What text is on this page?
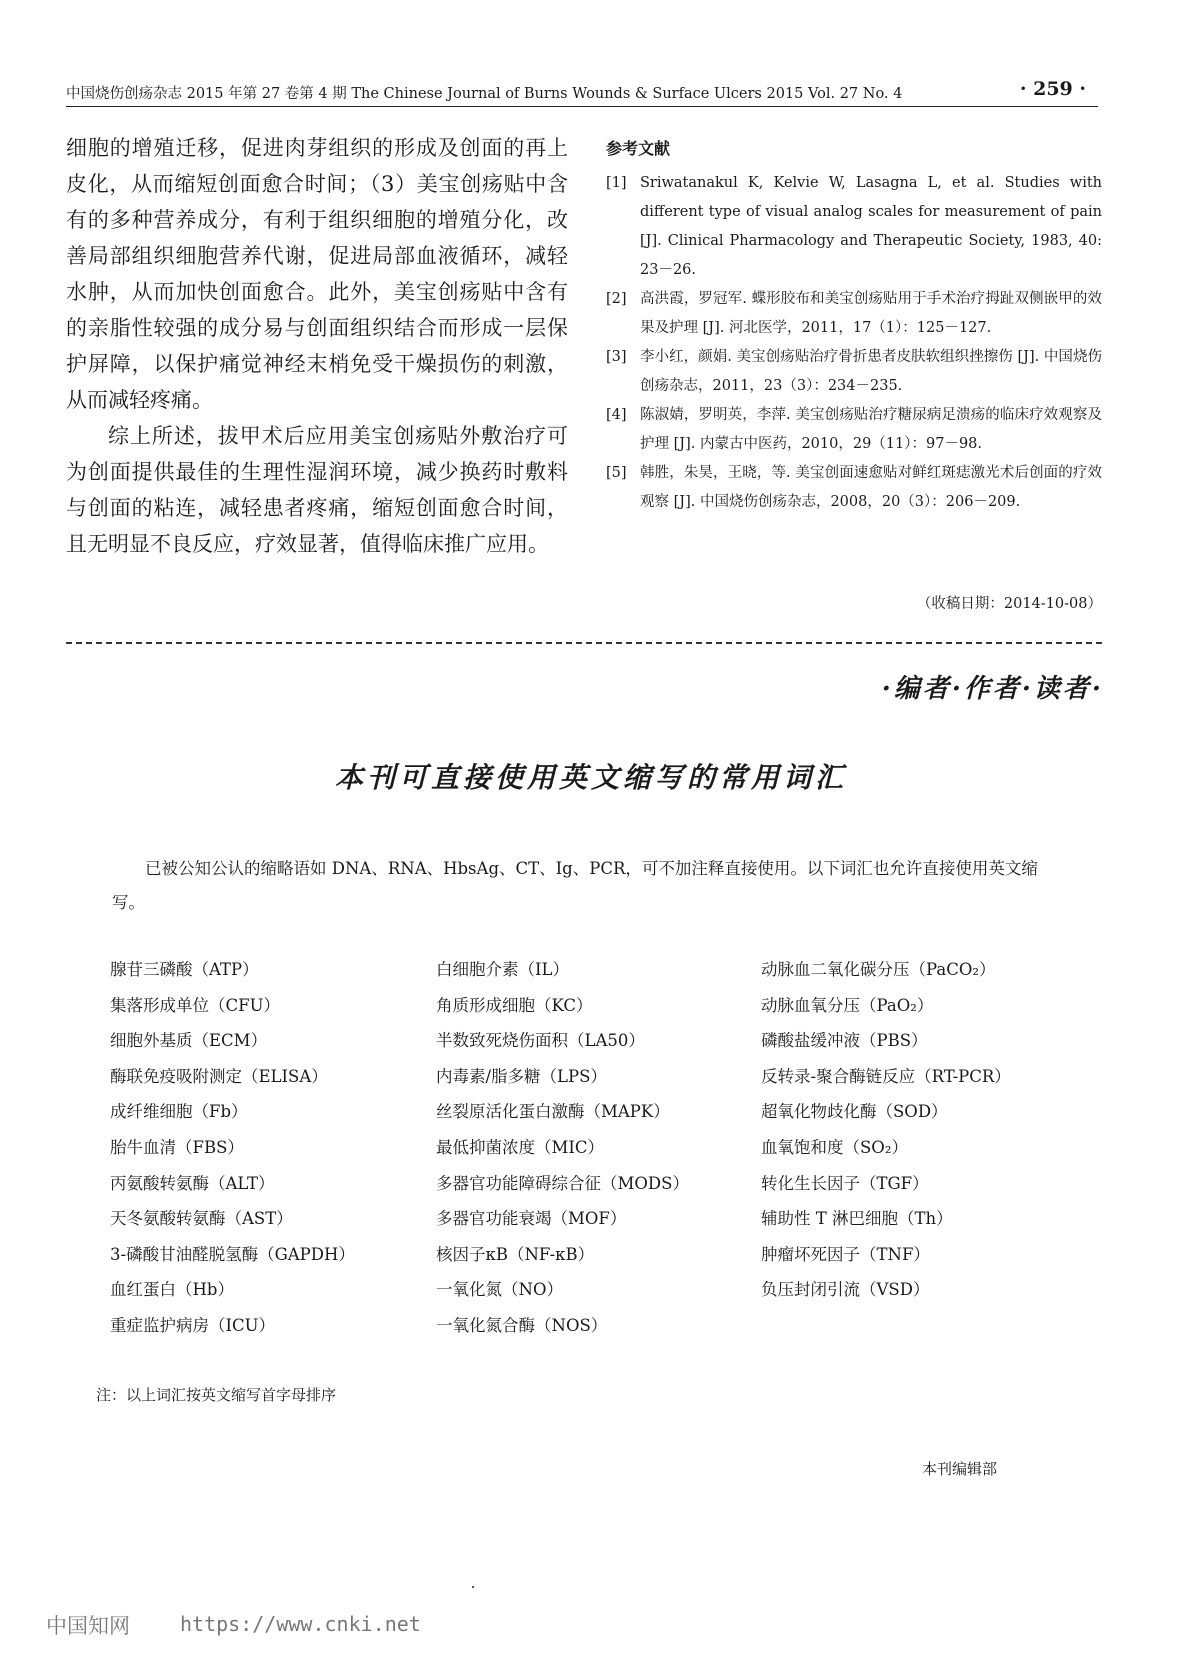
中国烧伤创疡杂志 2015 年第 27 卷第 4 期 The Chinese Journal of Burns Wounds & Surface Ulcers 2015 Vol. 27 No. 4	· 259 ·

细胞的增殖迁移，促进肉芽组织的形成及创面的再上皮化，从而缩短创面愈合时间；（3）美宝创疡贴中含有的多种营养成分，有利于组织细胞的增殖分化，改善局部组织细胞营养代谢，促进局部血液循环，减轻水肿，从而加快创面愈合。此外，美宝创疡贴中含有的亲脂性较强的成分易与创面组织结合而形成一层保护屏障，以保护痛觉神经末梢免受干燥损伤的刺激，从而减轻疼痛。

综上所述，拔甲术后应用美宝创疡贴外敷治疗可为创面提供最佳的生理性湿润环境，减少换药时敷料与创面的粘连，减轻患者疼痛，缩短创面愈合时间，且无明显不良反应，疗效显著，值得临床推广应用。

参考文献
[1] Sriwatanakul K, Kelvie W, Lasagna L, et al. Studies with different type of visual analog scales for measurement of pain [J]. Clinical Pharmacology and Therapeutic Society, 1983, 40: 23－26.
[2] 高洪霞，罗冠军. 蝶形胶布和美宝创疡贴用于手术治疗拇趾双侧嵌甲的效果及护理 [J]. 河北医学，2011，17（1）：125－127.
[3] 李小红，颜娟. 美宝创疡贴治疗骨折患者皮肤软组织挫擦伤 [J]. 中国烧伤创疡杂志，2011，23（3）：234－235.
[4] 陈淑婧，罗明英，李萍. 美宝创疡贴治疗糖尿病足溃疡的临床疗效观察及护理 [J]. 内蒙古中医药，2010，29（11）：97－98.
[5] 韩胜，朱昊，王晓，等. 美宝创面速愈贴对鲜红斑痣激光术后创面的疗效观察 [J]. 中国烧伤创疡杂志，2008，20（3）：206－209.
（收稿日期：2014-10-08）
·编者·作者·读者·
本刊可直接使用英文缩写的常用词汇
已被公知公认的缩略语如 DNA、RNA、HbsAg、CT、Ig、PCR，可不加注释直接使用。以下词汇也允许直接使用英文缩写。
腺苷三磷酸（ATP）
集落形成单位（CFU）
细胞外基质（ECM）
酶联免疫吸附测定（ELISA）
成纤维细胞（Fb）
胎牛血清（FBS）
丙氨酸转氨酶（ALT）
天冬氨酸转氨酶（AST）
3-磷酸甘油醛脱氢酶（GAPDH）
血红蛋白（Hb）
重症监护病房（ICU）
白细胞介素（IL）
角质形成细胞（KC）
半数致死烧伤面积（LA50）
内毒素/脂多糖（LPS）
丝裂原活化蛋白激酶（MAPK）
最低抑菌浓度（MIC）
多器官功能障碍综合征（MODS）
多器官功能衰竭（MOF）
核因子κB（NF-κB）
一氧化氮（NO）
一氧化氮合酶（NOS）
动脉血二氧化碳分压（PaCO₂）
动脉血氧分压（PaO₂）
磷酸盐缓冲液（PBS）
反转录-聚合酶链反应（RT-PCR）
超氧化物歧化酶（SOD）
血氧饱和度（SO₂）
转化生长因子（TGF）
辅助性 T 淋巴细胞（Th）
肿瘤坏死因子（TNF）
负压封闭引流（VSD）
注：以上词汇按英文缩写首字母排序
本刊编辑部
中国知网	https://www.cnki.net
